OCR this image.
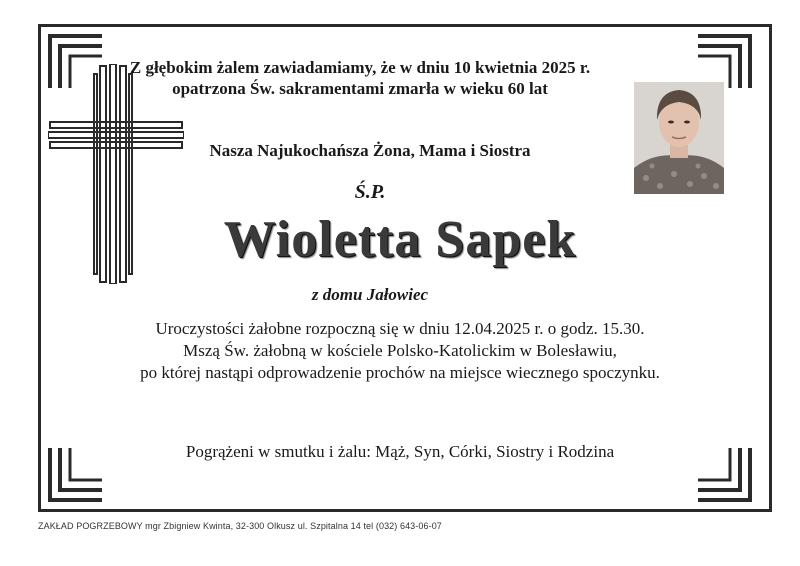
Z głębokim żalem zawiadamiamy, że w dniu 10 kwietnia 2025 r.
opatrzona Św. sakramentami zmarła w wieku 60 lat
Nasza Najukochańsza Żona, Mama i Siostra
Ś.P.
Wioletta Sapek
z domu Jałowiec
Uroczystości żałobne rozpoczną się w dniu 12.04.2025 r. o godz. 15.30.
Mszą Św. żałobną w kościele Polsko-Katolickim w Bolesławiu,
po której nastąpi odprowadzenie prochów na miejsce wiecznego spoczynku.
Pogrążeni w smutku i żalu: Mąż, Syn, Córki, Siostry i Rodzina
ZAKŁAD POGRZEBOWY mgr Zbigniew Kwinta, 32-300 Olkusz ul. Szpitalna 14 tel (032) 643-06-07
